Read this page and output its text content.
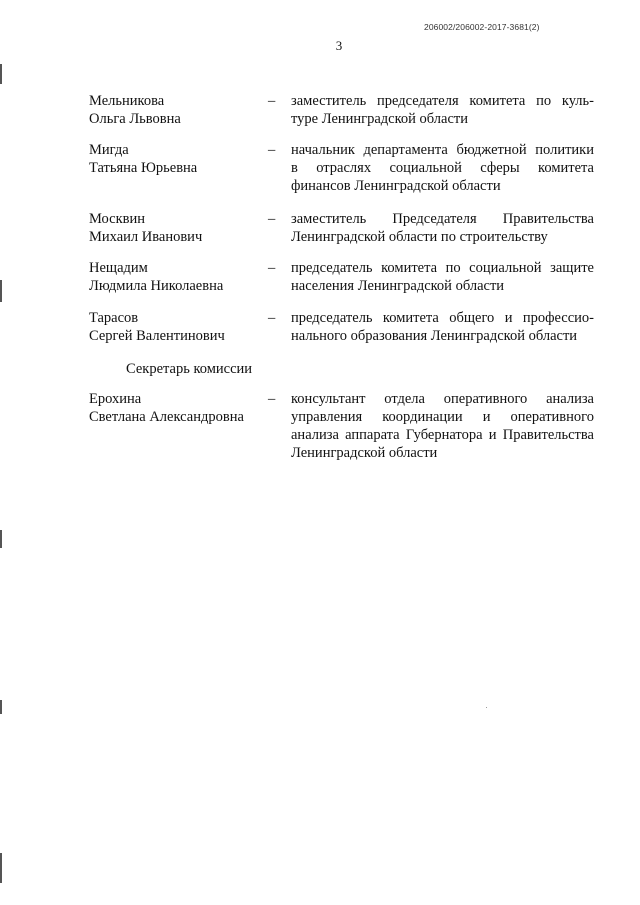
206002/206002-2017-3681(2)
3
Мельникова
Ольга Львовна
– заместитель председателя комитета по куль-
туре Ленинградской области
Мигда
Татьяна Юрьевна
– начальник департамента бюджетной политики
в отраслях социальной сферы комитета
финансов Ленинградской области
Москвин
Михаил Иванович
– заместитель Председателя Правительства
Ленинградской области по строительству
Нещадим
Людмила Николаевна
– председатель комитета по социальной защите
населения Ленинградской области
Тарасов
Сергей Валентинович
– председатель комитета общего и профессио-
нального образования Ленинградской области
Секретарь комиссии
Ерохина
Светлана Александровна
– консультант отдела оперативного анализа
управления координации и оперативного
анализа аппарата Губернатора и Правительства
Ленинградской области
